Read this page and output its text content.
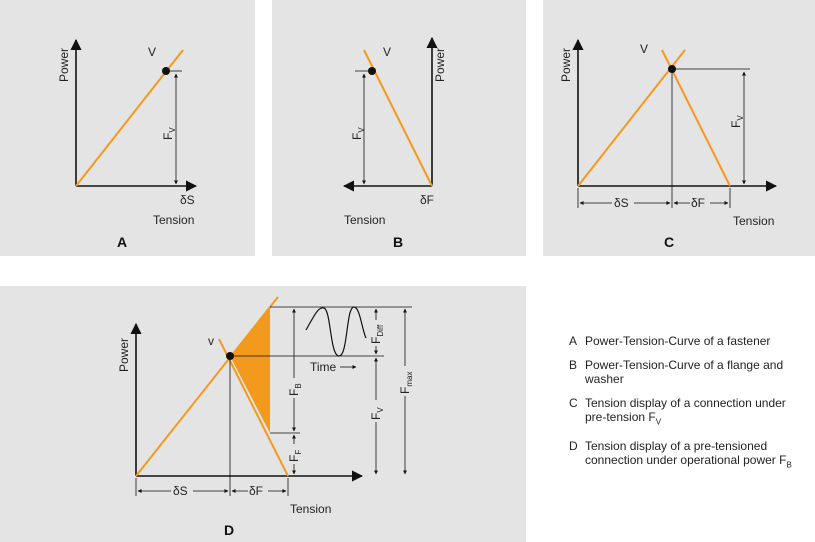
V
Power
$F_V$
δS
Tension
A
V	Power
$F_V$
δF
Tension
B
V
Power
$F_V$
δS	δF
Tension
C
v
Power	Time
$F_B$
$F_F$
$F_{Diff}$
$F_V$
$F_{max}$
δS	δF
Tension
D
A Power-Tension-Curve of a fastener
B Power-Tension-Curve of a flange and washer
C Tension display of a connection under pre-tension $F_V$
D Tension display of a pre-tensioned connection under operational power $F_B$
